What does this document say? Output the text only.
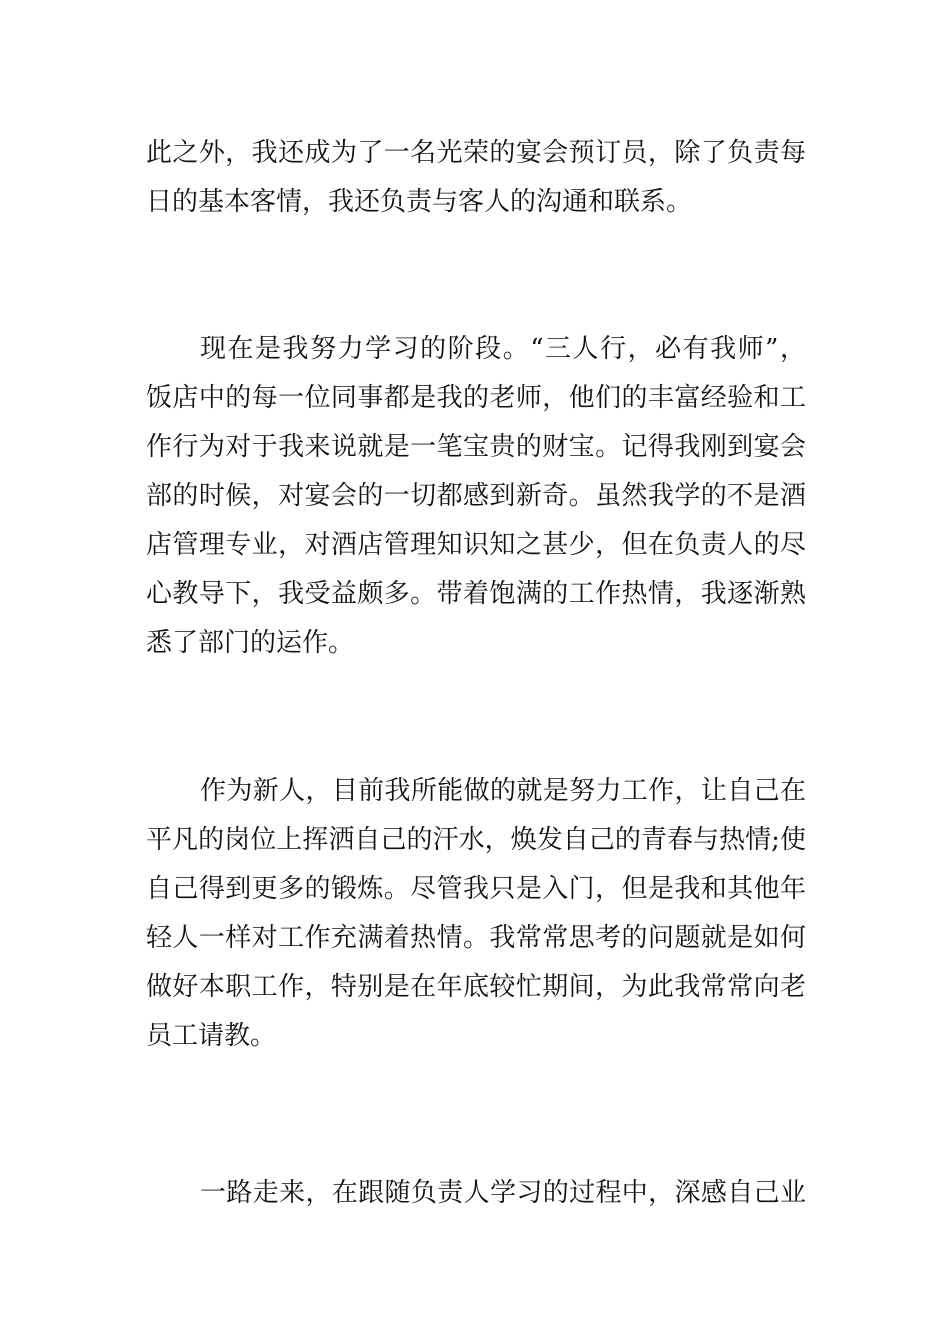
此之外，我还成为了一名光荣的宴会预订员，除了负责每
日的基本客情，我还负责与客人的沟通和联系。
现在是我努力学习的阶段。“三人行，必有我师”，
饭店中的每一位同事都是我的老师，他们的丰富经验和工
作行为对于我来说就是一笔宝贵的财宝。记得我刚到宴会
部的时候，对宴会的一切都感到新奇。虽然我学的不是酒
店管理专业，对酒店管理知识知之甚少，但在负责人的尽
心教导下，我受益颇多。带着饱满的工作热情，我逐渐熟
悉了部门的运作。
作为新人，目前我所能做的就是努力工作，让自己在
平凡的岗位上挥洒自己的汗水，焕发自己的青春与热情;使
自己得到更多的锻炼。尽管我只是入门，但是我和其他年
轻人一样对工作充满着热情。我常常思考的问题就是如何
做好本职工作，特别是在年底较忙期间，为此我常常向老
员工请教。
一路走来，在跟随负责人学习的过程中，深感自己业
